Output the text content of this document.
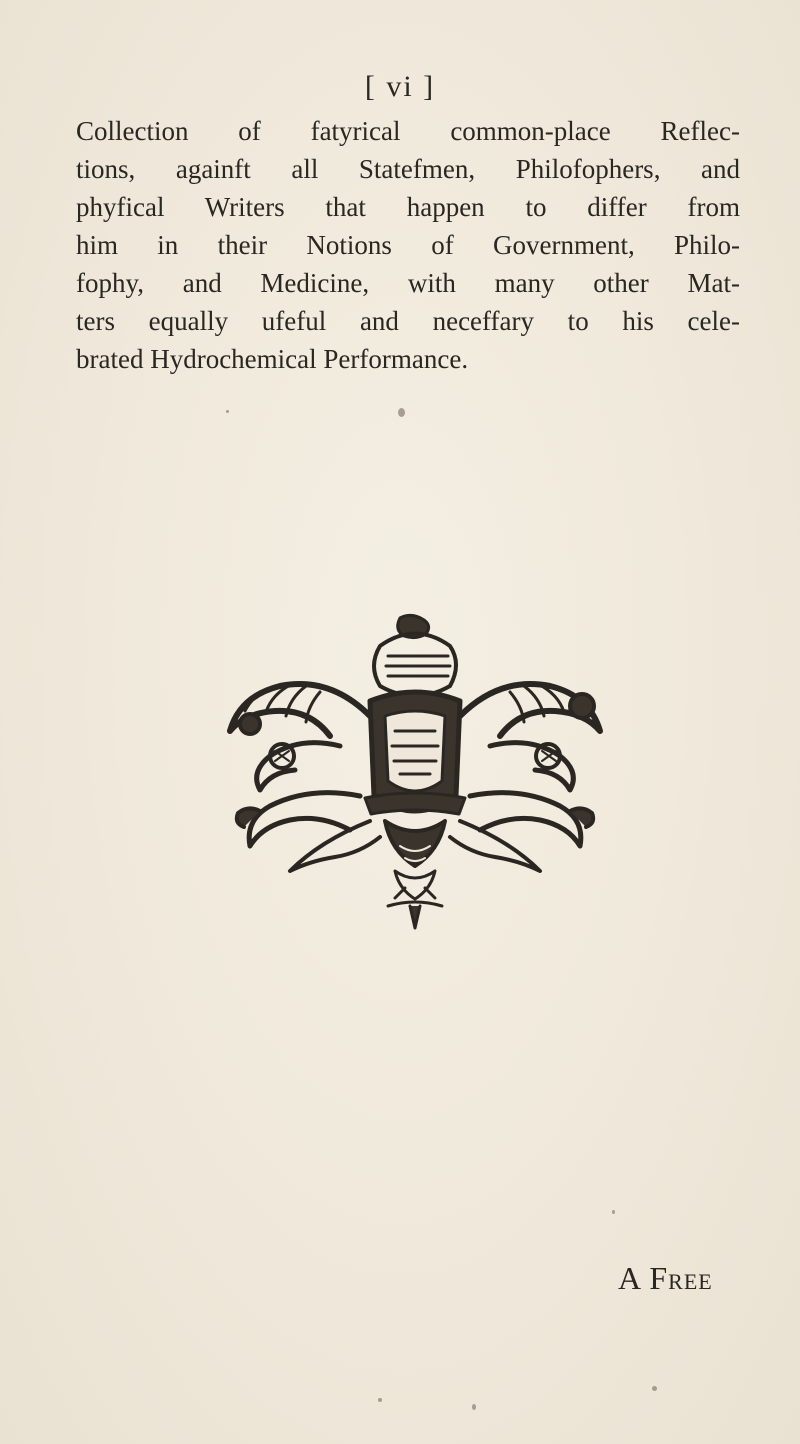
[ vi ]

Collection of fatyrical common-place Reflec-
tions, againft all Statefmen, Philofophers, and
phyfical Writers that happen to differ from
him in their Notions of Government, Philo-
fophy, and Medicine, with many other Mat-
ters equally ufeful and neceffary to his cele-
brated Hydrochemical Performance.

A Free
